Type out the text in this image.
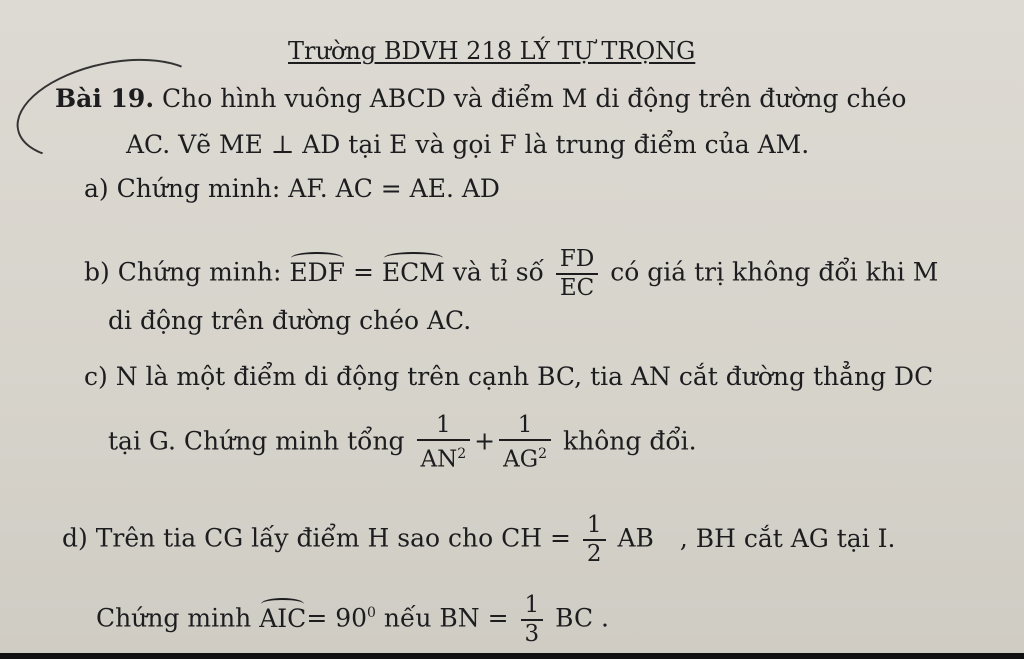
Trường BDVH 218 LÝ TỰ TRỌNG
Bài 19. Cho hình vuông ABCD và điểm M di động trên đường chéo
AC. Vẽ ME ⊥ AD tại E và gọi F là trung điểm của AM.
a) Chứng minh: AF. AC = AE. AD
b) Chứng minh: EDF = ECM và tỉ số $\frac{FD}{EC}$ có giá trị không đổi khi M
di động trên đường chéo AC.
c) N là một điểm di động trên cạnh BC, tia AN cắt đường thẳng DC
tại G. Chứng minh tổng $\frac{1}{AN^2} + \frac{1}{AG^2}$ không đổi.
d) Trên tia CG lấy điểm H sao cho CH = $\frac{1}{2}$ AB , BH cắt AG tại I.
Chứng minh $AIC= 90^0$ nếu BN = $\frac{1}{3}$ BC .
